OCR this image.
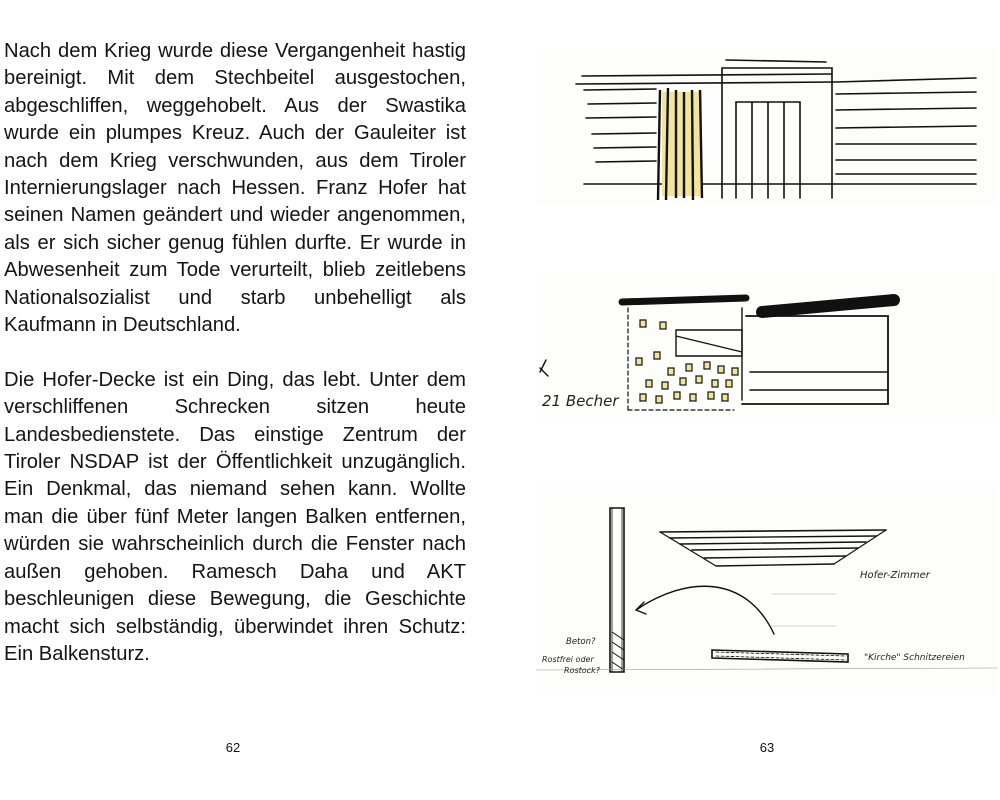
Nach dem Krieg wurde diese Vergangenheit hastig bereinigt. Mit dem Stechbeitel ausgestochen, abgeschliffen, weggehobelt. Aus der Swastika wurde ein plumpes Kreuz. Auch der Gauleiter ist nach dem Krieg verschwunden, aus dem Tiroler Internierungslager nach Hessen. Franz Hofer hat seinen Namen geändert und wieder angenommen, als er sich sicher genug fühlen durfte. Er wurde in Abwesenheit zum Tode verurteilt, blieb zeitlebens Nationalsozialist und starb unbehelligt als Kaufmann in Deutschland.

Die Hofer-Decke ist ein Ding, das lebt. Unter dem verschliffenen Schrecken sitzen heute Landesbedienstete. Das einstige Zentrum der Tiroler NSDAP ist der Öffentlichkeit unzugänglich. Ein Denkmal, das niemand sehen kann. Wollte man die über fünf Meter langen Balken entfernen, würden sie wahrscheinlich durch die Fenster nach außen gehoben. Ramesch Daha und AKT beschleunigen diese Bewegung, die Geschichte macht sich selbständig, überwindet ihren Schutz: Ein Balkensturz.

62
21 Becher
Hofer-Zimmer
Beton?
Rostfrei oder
Rostock?
"Kirche" Schnitzereien
63
